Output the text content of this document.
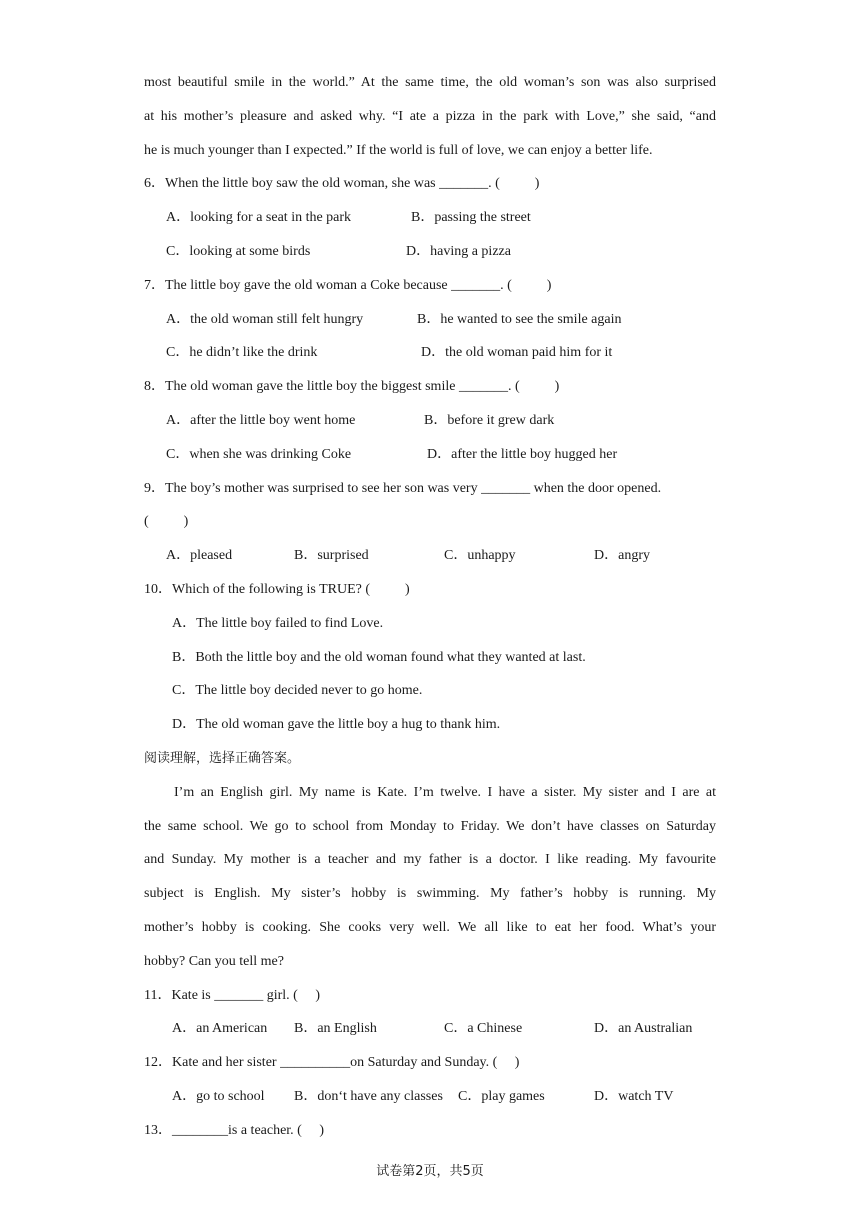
most beautiful smile in the world.” At the same time, the old woman’s son was also surprised
at his mother’s pleasure and asked why. “I ate a pizza in the park with Love,” she said, “and
he is much younger than I expected.” If the world is full of love, we can enjoy a better life.
6．When the little boy saw the old woman, she was _______. (          )
A．looking for a seat in the park	B．passing the street
C．looking at some birds	D．having a pizza
7．The little boy gave the old woman a Coke because _______. (          )
A．the old woman still felt hungry	B．he wanted to see the smile again
C．he didn’t like the drink	D．the old woman paid him for it
8．The old woman gave the little boy the biggest smile _______. (          )
A．after the little boy went home	B．before it grew dark
C．when she was drinking Coke	D．after the little boy hugged her
9．The boy’s mother was surprised to see her son was very _______ when the door opened.
(          )
A．pleased	B．surprised	C．unhappy	D．angry
10．Which of the following is TRUE? (          )
A．The little boy failed to find Love.
B．Both the little boy and the old woman found what they wanted at last.
C．The little boy decided never to go home.
D．The old woman gave the little boy a hug to thank him.
阅读理解，选择正确答案。
I’m an English girl. My name is Kate. I’m twelve. I have a sister. My sister and I are at
the same school. We go to school from Monday to Friday. We don’t have classes on Saturday
and Sunday. My mother is a teacher and my father is a doctor. I like reading. My favourite
subject is English. My sister’s hobby is swimming. My father’s hobby is running. My
mother’s hobby is cooking. She cooks very well. We all like to eat her food. What’s your
hobby? Can you tell me?
11．Kate is _______ girl. (     )
A．an American B．an English	C．a Chinese	D．an Australian
12．Kate and her sister __________on Saturday and Sunday. (     )
A．go to school B．don‘t have any classes C．play games	D．watch TV
13．________is a teacher. (     )
试卷第2页，共5页
